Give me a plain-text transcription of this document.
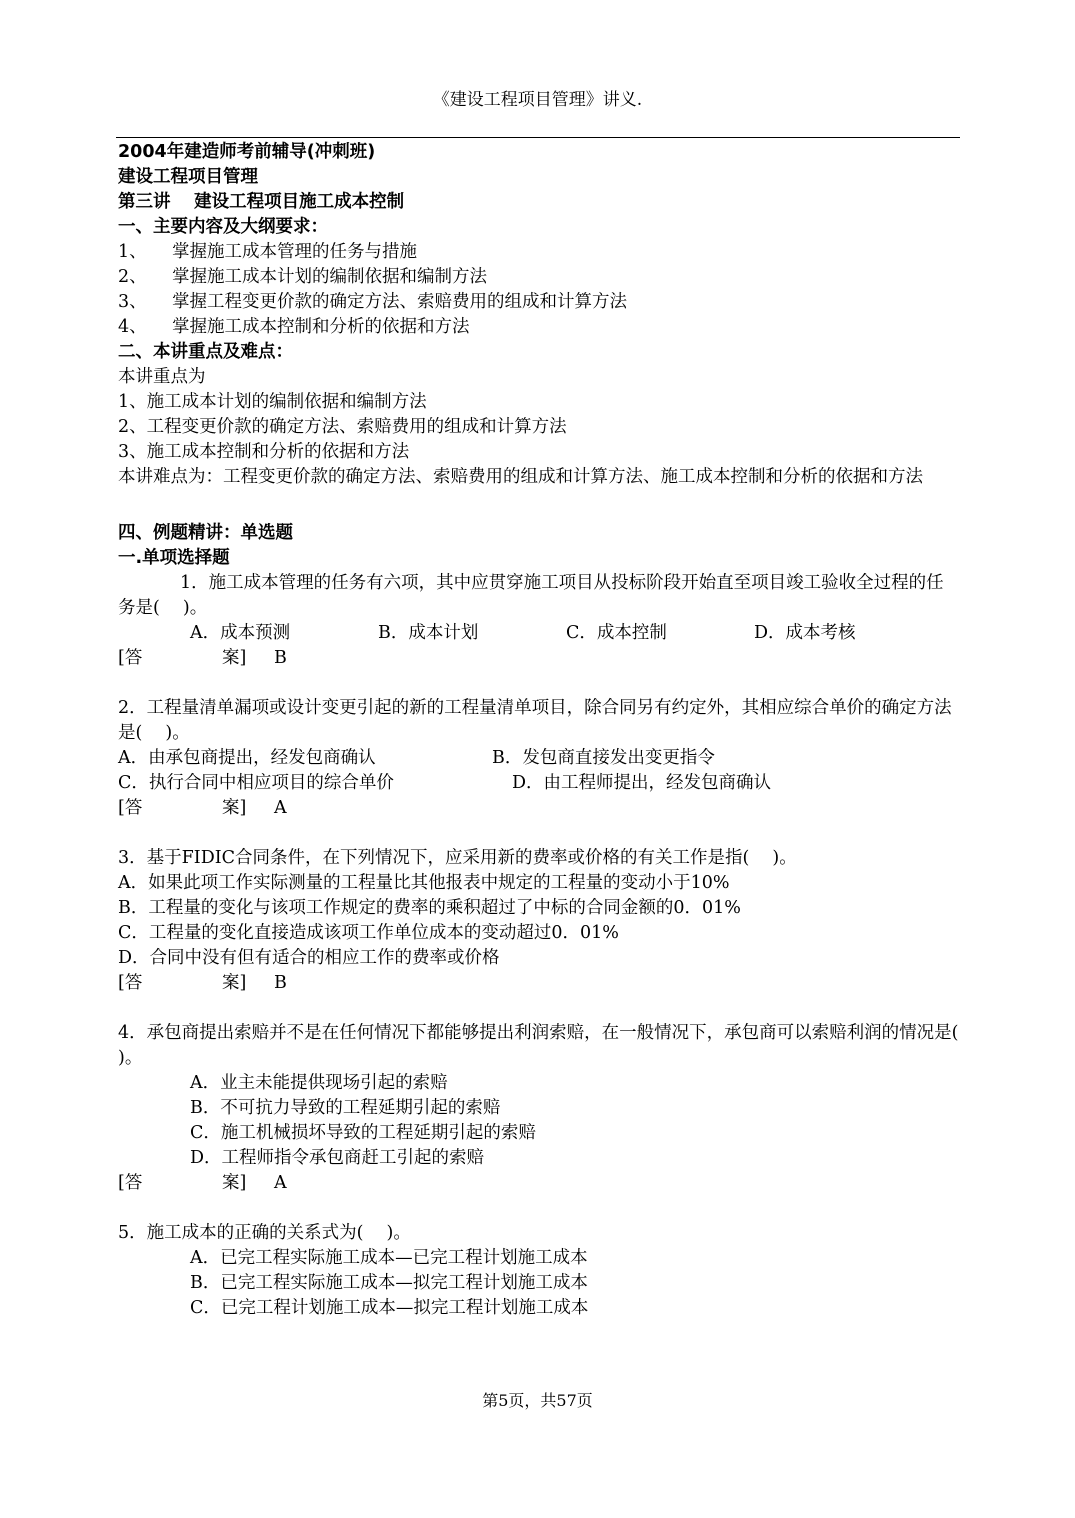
《建设工程项目管理》讲义.
2004年建造师考前辅导(冲刺班)
建设工程项目管理
第三讲　 建设工程项目施工成本控制
一、主要内容及大纲要求：
1、 掌握施工成本管理的任务与措施
2、 掌握施工成本计划的编制依据和编制方法
3、 掌握工程变更价款的确定方法、索赔费用的组成和计算方法
4、 掌握施工成本控制和分析的依据和方法
二、本讲重点及难点：
本讲重点为
1、施工成本计划的编制依据和编制方法
2、工程变更价款的确定方法、索赔费用的组成和计算方法
3、施工成本控制和分析的依据和方法
本讲难点为：工程变更价款的确定方法、索赔费用的组成和计算方法、施工成本控制和分析的依据和方法
四、例题精讲：单选题
一.单项选择题
1．施工成本管理的任务有六项，其中应贯穿施工项目从投标阶段开始直至项目竣工验收全过程的任务是(　 )。
A．成本预测	B．成本计划	C．成本控制	D．成本考核
[答	案] B
2．工程量清单漏项或设计变更引起的新的工程量清单项目，除合同另有约定外，其相应综合单价的确定方法是(　 )。
A．由承包商提出，经发包商确认	B．发包商直接发出变更指令
C．执行合同中相应项目的综合单价	D．由工程师提出，经发包商确认
[答	案] A
3．基于FIDIC合同条件，在下列情况下，应采用新的费率或价格的有关工作是指(　 )。
A．如果此项工作实际测量的工程量比其他报表中规定的工程量的变动小于10%
B．工程量的变化与该项工作规定的费率的乘积超过了中标的合同金额的0．01%
C．工程量的变化直接造成该项工作单位成本的变动超过0．01%
D．合同中没有但有适合的相应工作的费率或价格
[答	案] B
4．承包商提出索赔并不是在任何情况下都能够提出利润索赔，在一般情况下，承包商可以索赔利润的情况是(　 )。
A．业主未能提供现场引起的索赔
B．不可抗力导致的工程延期引起的索赔
C．施工机械损坏导致的工程延期引起的索赔
D．工程师指令承包商赶工引起的索赔
[答	案] A
5．施工成本的正确的关系式为(　 )。
A．已完工程实际施工成本—已完工程计划施工成本
B．已完工程实际施工成本—拟完工程计划施工成本
C．已完工程计划施工成本—拟完工程计划施工成本
第5页，共57页
